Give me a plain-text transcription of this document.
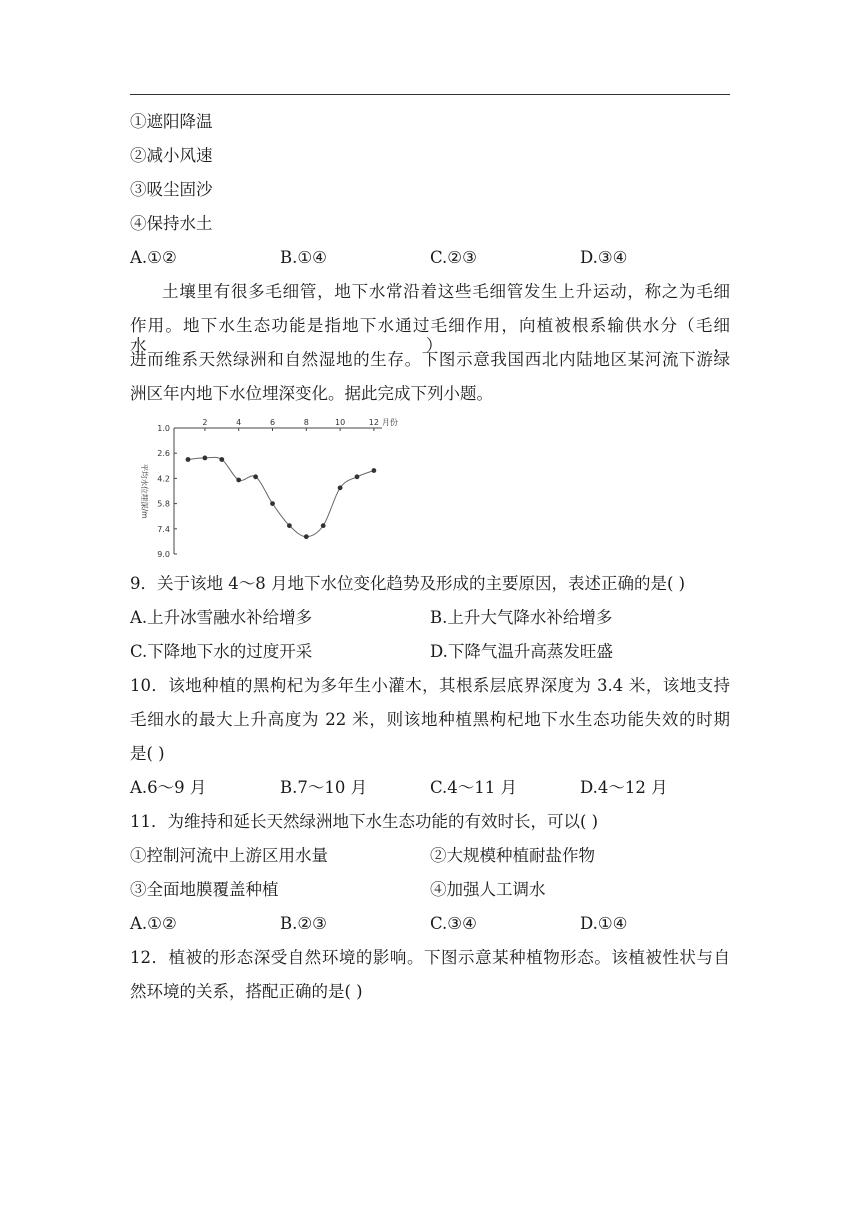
①遮阳降温
②减小风速
③吸尘固沙
④保持水土
A.①②	B.①④	C.②③	D.③④
土壤里有很多毛细管，地下水常沿着这些毛细管发生上升运动，称之为毛细
作用。地下水生态功能是指地下水通过毛细作用，向植被根系输供水分（毛细水），
进而维系天然绿洲和自然湿地的生存。下图示意我国西北内陆地区某河流下游绿
洲区年内地下水位埋深变化。据此完成下列小题。
1.0
2.6
4.2
5.8
7.4
9.0
2	4	6	8	10	12 月份
平均水位埋深/m
9．关于该地 4～8 月地下水位变化趋势及形成的主要原因，表述正确的是( )
A.上升冰雪融水补给增多	B.上升大气降水补给增多
C.下降地下水的过度开采	D.下降气温升高蒸发旺盛
10．该地种植的黑枸杞为多年生小灌木，其根系层底界深度为 3.4 米，该地支持
毛细水的最大上升高度为 22 米，则该地种植黑枸杞地下水生态功能失效的时期
是( )
A.6～9 月	B.7～10 月	C.4～11 月	D.4～12 月
11．为维持和延长天然绿洲地下水生态功能的有效时长，可以( )
①控制河流中上游区用水量	②大规模种植耐盐作物
③全面地膜覆盖种植	④加强人工调水
A.①②	B.②③	C.③④	D.①④
12．植被的形态深受自然环境的影响。下图示意某种植物形态。该植被性状与自
然环境的关系，搭配正确的是( )
